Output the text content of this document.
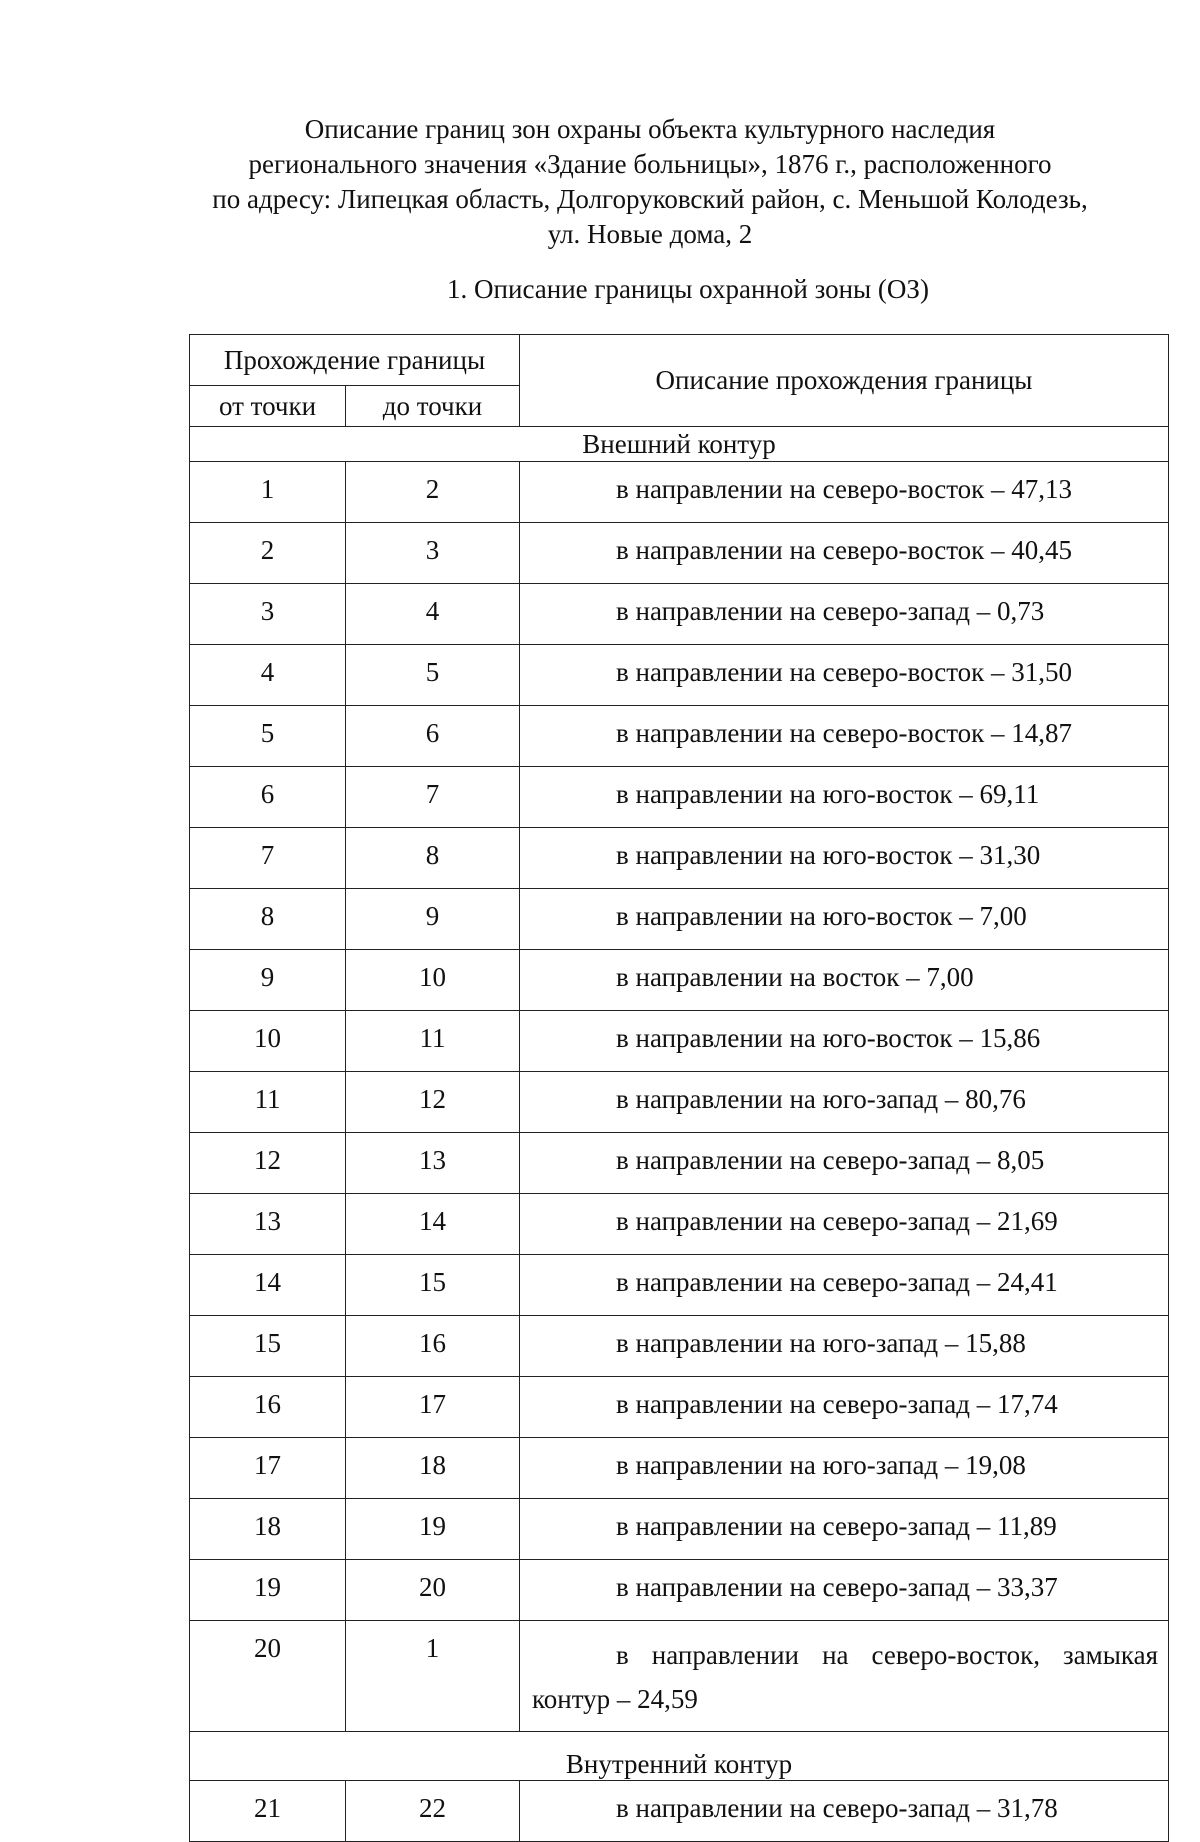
Описание границ зон охраны объекта культурного наследия
регионального значения «Здание больницы», 1876 г., расположенного
по адресу: Липецкая область, Долгоруковский район, с. Меньшой Колодезь,
ул. Новые дома, 2
1. Описание границы охранной зоны (ОЗ)
Прохождение границы		Описание прохождения границы
от точки	до точки	
Внешний контур		
1	2	в направлении на северо-восток – 47,13
2	3	в направлении на северо-восток – 40,45
3	4	в направлении на северо-запад – 0,73
4	5	в направлении на северо-восток – 31,50
5	6	в направлении на северо-восток – 14,87
6	7	в направлении на юго-восток – 69,11
7	8	в направлении на юго-восток – 31,30
8	9	в направлении на юго-восток – 7,00
9	10	в направлении на восток – 7,00
10	11	в направлении на юго-восток – 15,86
11	12	в направлении на юго-запад – 80,76
12	13	в направлении на северо-запад – 8,05
13	14	в направлении на северо-запад – 21,69
14	15	в направлении на северо-запад – 24,41
15	16	в направлении на юго-запад – 15,88
16	17	в направлении на северо-запад – 17,74
17	18	в направлении на юго-запад – 19,08
18	19	в направлении на северо-запад – 11,89
19	20	в направлении на северо-запад – 33,37
20	1	в направлении на северо-восток, замыкая
контур – 24,59

Внутренний контур		
21	22	в направлении на северо-запад – 31,78
